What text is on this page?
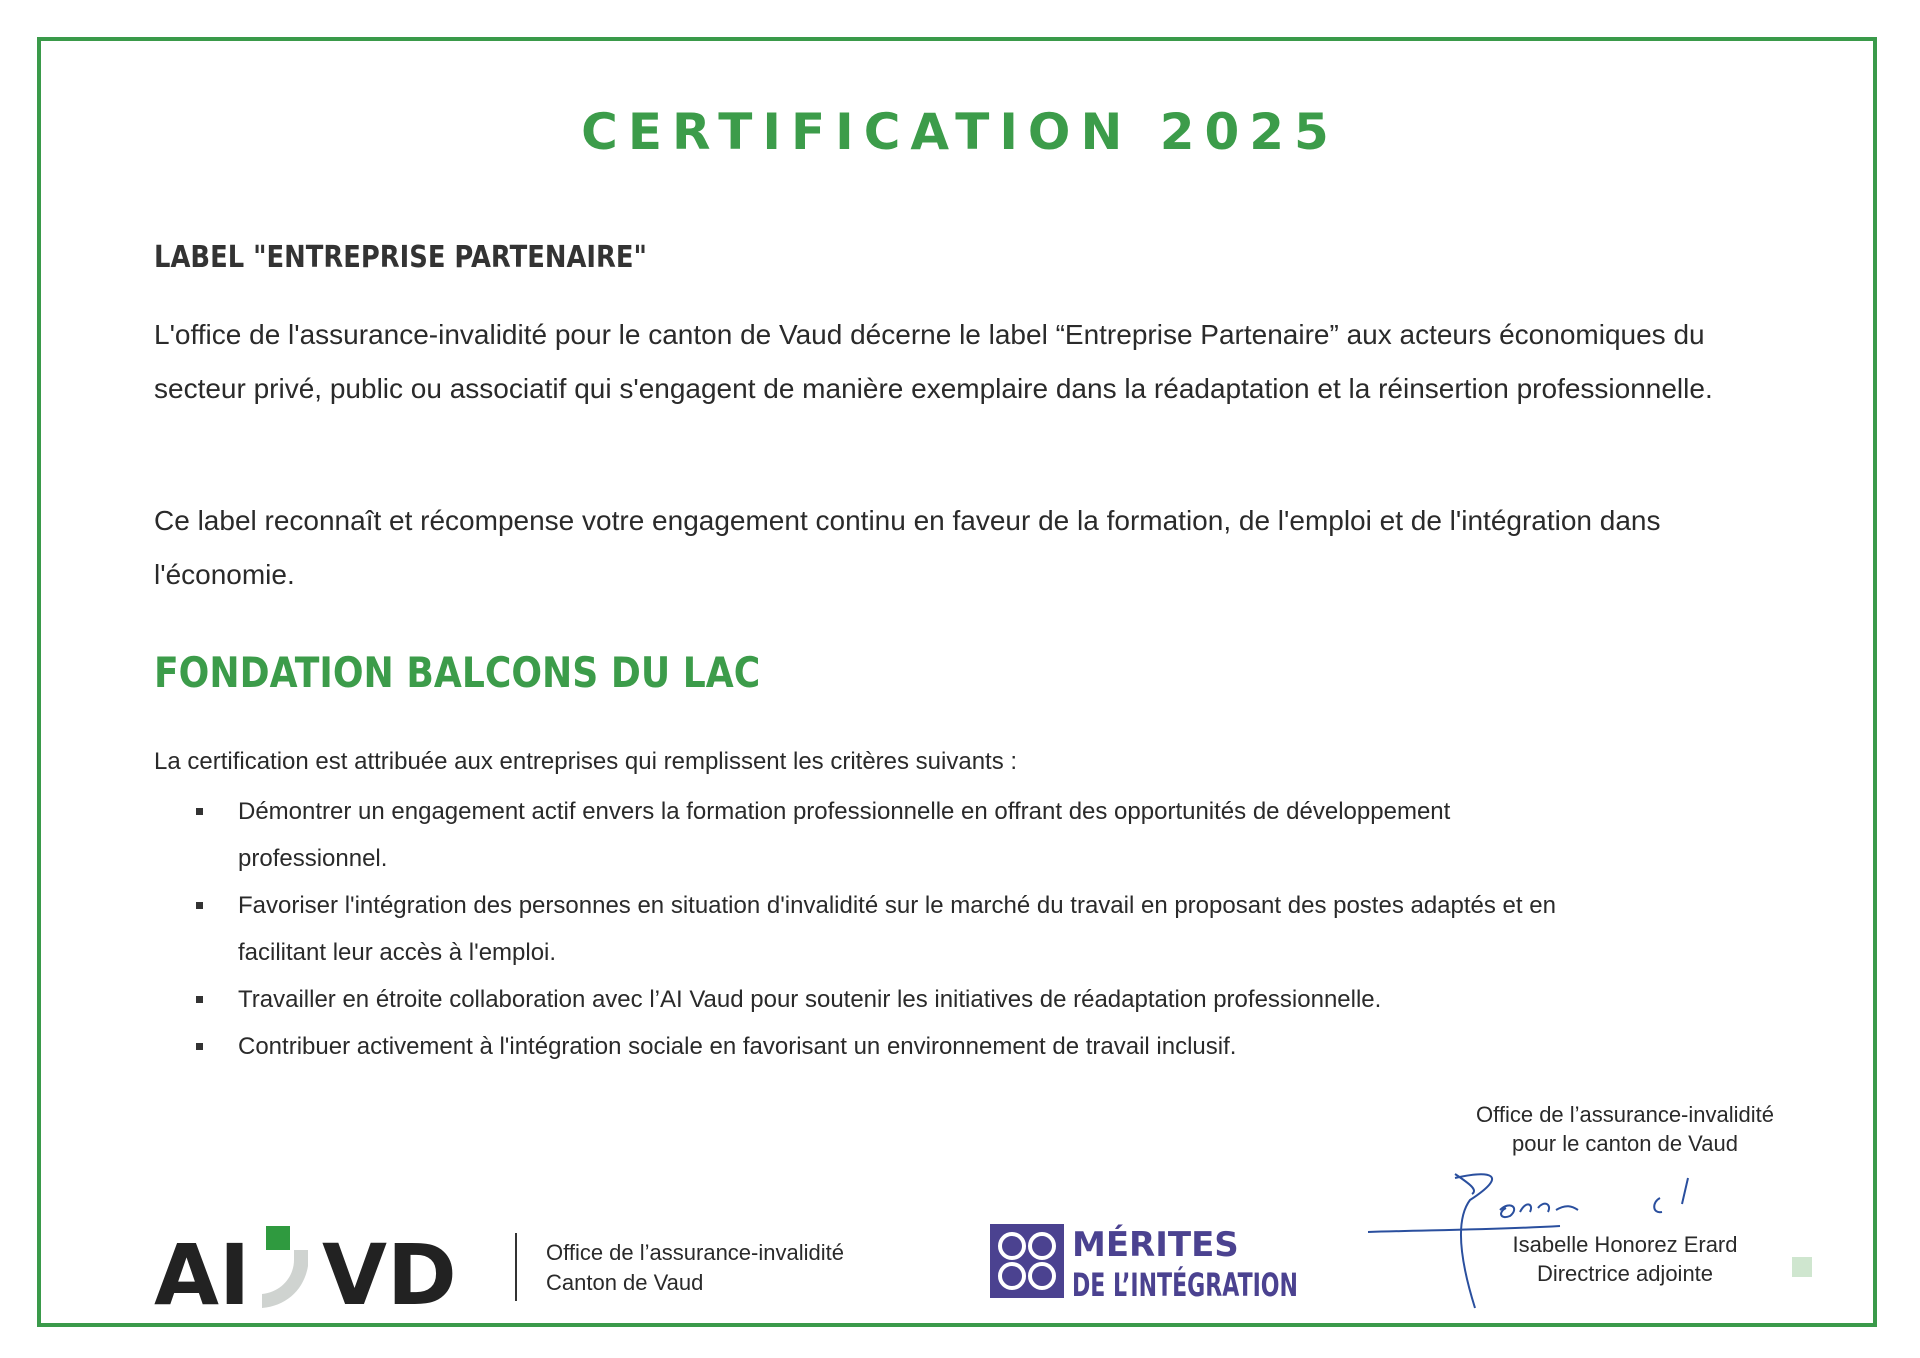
CERTIFICATION 2025
LABEL "ENTREPRISE PARTENAIRE"
L'office de l'assurance-invalidité pour le canton de Vaud décerne le label “Entreprise Partenaire” aux acteurs économiques du secteur privé, public ou associatif qui s'engagent de manière exemplaire dans la réadaptation et la réinsertion professionnelle.
Ce label reconnaît et récompense votre engagement continu en faveur de la formation, de l'emploi et de l'intégration dans l'économie.
FONDATION BALCONS DU LAC
La certification est attribuée aux entreprises qui remplissent les critères suivants :
Démontrer un engagement actif envers la formation professionnelle en offrant des opportunités de développement professionnel.
Favoriser l'intégration des personnes en situation d'invalidité sur le marché du travail en proposant des postes adaptés et en facilitant leur accès à l'emploi.
Travailler en étroite collaboration avec l’AI Vaud pour soutenir les initiatives de réadaptation professionnelle.
Contribuer activement à l'intégration sociale en favorisant un environnement de travail inclusif.
Office de l’assurance-invalidité
pour le canton de Vaud
Isabelle Honorez Erard
Directrice adjointe
AI VD	Office de l’assurance-invalidité
Canton de Vaud
MÉRITES
DE L’INTÉGRATION
